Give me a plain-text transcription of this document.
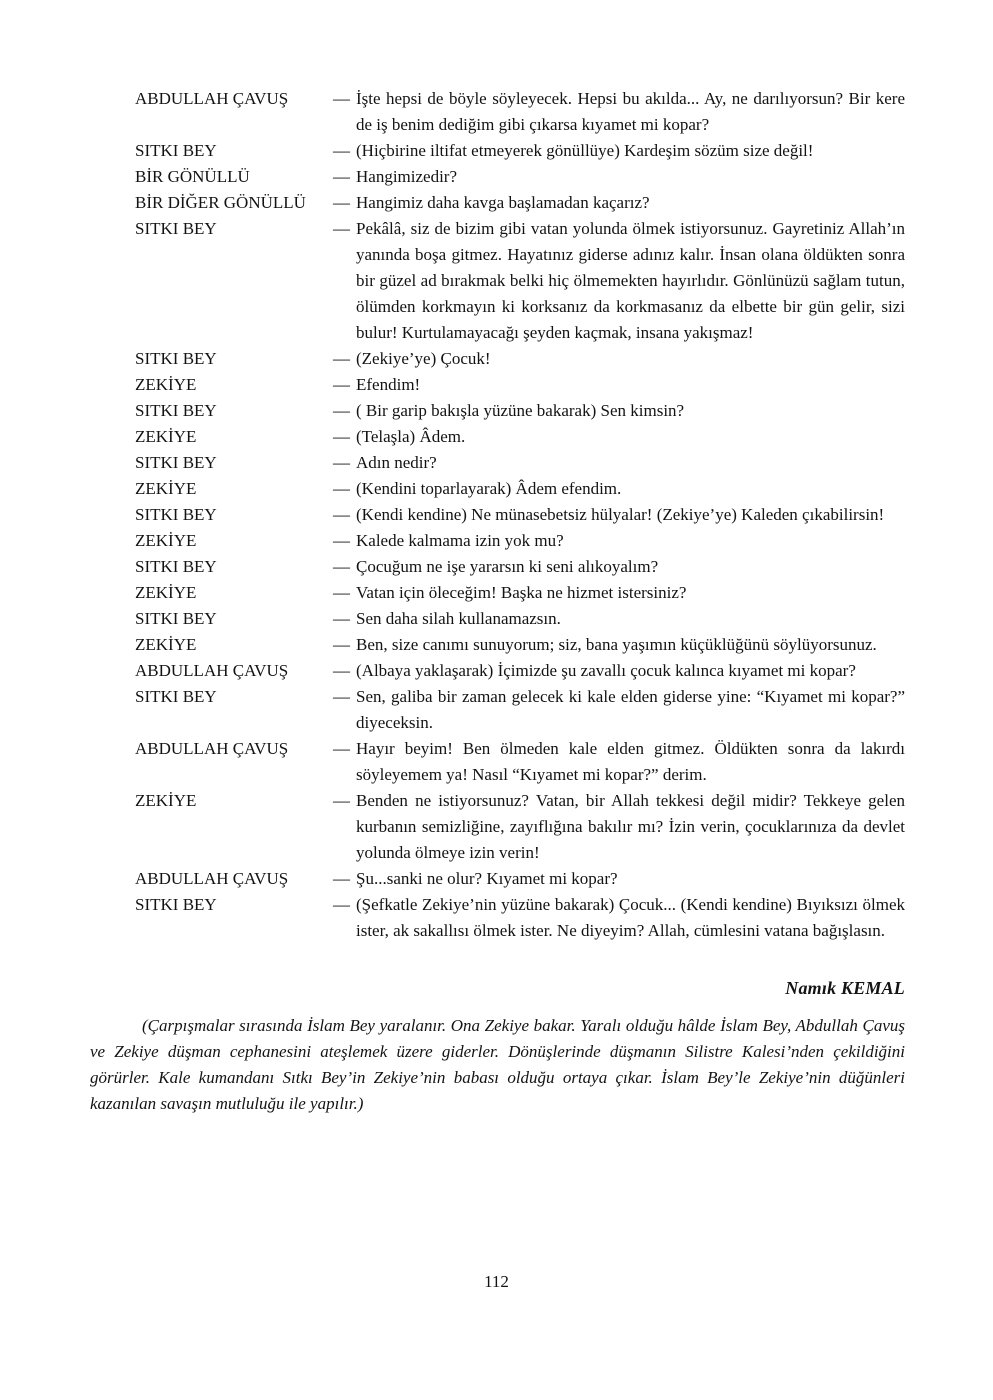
ABDULLAH ÇAVUŞ	— İşte hepsi de böyle söyleyecek. Hepsi bu akılda... Ay, ne darılıyorsun? Bir kere de iş benim dediğim gibi çıkarsa kıyamet mi kopar?
SITKI BEY	— (Hiçbirine iltifat etmeyerek gönüllüye) Kardeşim sözüm size değil!
BİR GÖNÜLLÜ	— Hangimizedir?
BİR DİĞER GÖNÜLLÜ	— Hangimiz daha kavga başlamadan kaçarız?
SITKI BEY	— Pekâlâ, siz de bizim gibi vatan yolunda ölmek istiyorsunuz. Gayretiniz Allah’ın yanında boşa gitmez. Hayatınız giderse adınız kalır. İnsan olana öldükten sonra bir güzel ad bırakmak belki hiç ölmemekten hayırlıdır. Gönlünüzü sağlam tutun, ölümden korkmayın ki korksanız da korkmasanız da elbette bir gün gelir, sizi bulur! Kurtulamayacağı şeyden kaçmak, insana yakışmaz!
SITKI BEY	— (Zekiye’ye) Çocuk!
ZEKİYE	— Efendim!
SITKI BEY	— ( Bir garip bakışla yüzüne bakarak) Sen kimsin?
ZEKİYE	— (Telaşla) Âdem.
SITKI BEY	— Adın nedir?
ZEKİYE	— (Kendini toparlayarak) Âdem efendim.
SITKI BEY	— (Kendi kendine) Ne münasebetsiz hülyalar! (Zekiye’ye) Kaleden çıkabilirsin!
ZEKİYE	— Kalede kalmama izin yok mu?
SITKI BEY	— Çocuğum ne işe yararsın ki seni alıkoyalım?
ZEKİYE	— Vatan için öleceğim! Başka ne hizmet istersiniz?
SITKI BEY	— Sen daha silah kullanamazsın.
ZEKİYE	— Ben, size canımı sunuyorum; siz, bana yaşımın küçüklüğünü söylüyorsunuz.
ABDULLAH ÇAVUŞ	— (Albaya yaklaşarak) İçimizde şu zavallı çocuk kalınca kıyamet mi kopar?
SITKI BEY	— Sen, galiba bir zaman gelecek ki kale elden giderse yine: “Kıyamet mi kopar?” diyeceksin.
ABDULLAH ÇAVUŞ	— Hayır beyim! Ben ölmeden kale elden gitmez. Öldükten sonra da lakırdı söyleyemem ya! Nasıl “Kıyamet mi kopar?” derim.
ZEKİYE	— Benden ne istiyorsunuz? Vatan, bir Allah tekkesi değil midir? Tekkeye gelen kurbanın semizliğine, zayıflığına bakılır mı? İzin verin, çocuklarınıza da devlet yolunda ölmeye izin verin!
ABDULLAH ÇAVUŞ	— Şu...sanki ne olur? Kıyamet mi kopar?
SITKI BEY	— (Şefkatle Zekiye’nin yüzüne bakarak) Çocuk... (Kendi kendine) Bıyıksızı ölmek ister, ak sakallısı ölmek ister. Ne diyeyim? Allah, cümlesini vatana bağışlasın.
Namık KEMAL

(Çarpışmalar sırasında İslam Bey yaralanır. Ona Zekiye bakar. Yaralı olduğu hâlde İslam Bey, Abdullah Çavuş ve Zekiye düşman cephanesini ateşlemek üzere giderler. Dönüşlerinde düşmanın Silistre Kalesi’nden çekildiğini görürler. Kale kumandanı Sıtkı Bey’in Zekiye’nin babası olduğu ortaya çıkar. İslam Bey’le Zekiye’nin düğünleri kazanılan savaşın mutluluğu ile yapılır.)

112
